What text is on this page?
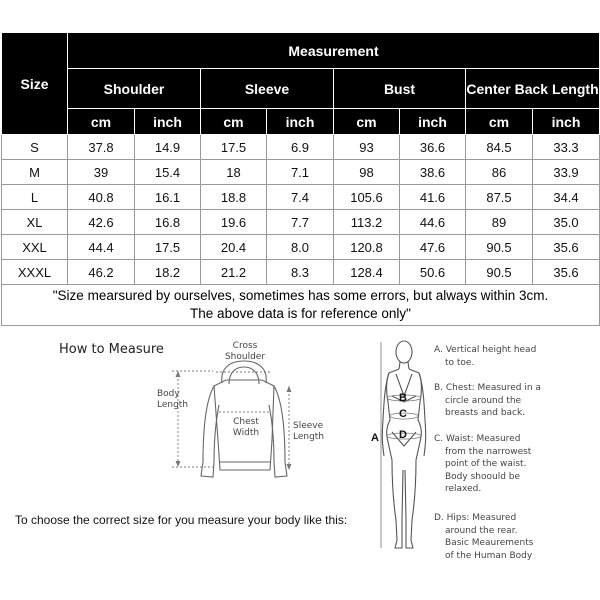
Size	Measurement							
	Shoulder		Sleeve		Bust		Center Back Length	
	cm	inch	cm	inch	cm	inch	cm	inch
S	37.8	14.9	17.5	6.9	93	36.6	84.5	33.3
M	39	15.4	18	7.1	98	38.6	86	33.9
L	40.8	16.1	18.8	7.4	105.6	41.6	87.5	34.4
XL	42.6	16.8	19.6	7.7	113.2	44.6	89	35.0
XXL	44.4	17.5	20.4	8.0	120.8	47.6	90.5	35.6
XXXL	46.2	18.2	21.2	8.3	128.4	50.6	90.5	35.6

"Size mearsured by ourselves, sometimes has some errors, but always within 3cm.
The above data is for reference only"								
How to Measure	Cross
Shoulder
Body
Length
Chest
Width
Sleeve
Length
To choose the correct size for you measure your body like this:
A
B
C
D
A. Vertical height head
to toe.
B. Chest: Measured in a
circle around the
breasts and back.
C. Waist: Measured
from the narrowest
point of the waist.
Body shoould be
relaxed.
D. Hips: Measured
around the rear.
Basic Meaurements
of the Human Body
